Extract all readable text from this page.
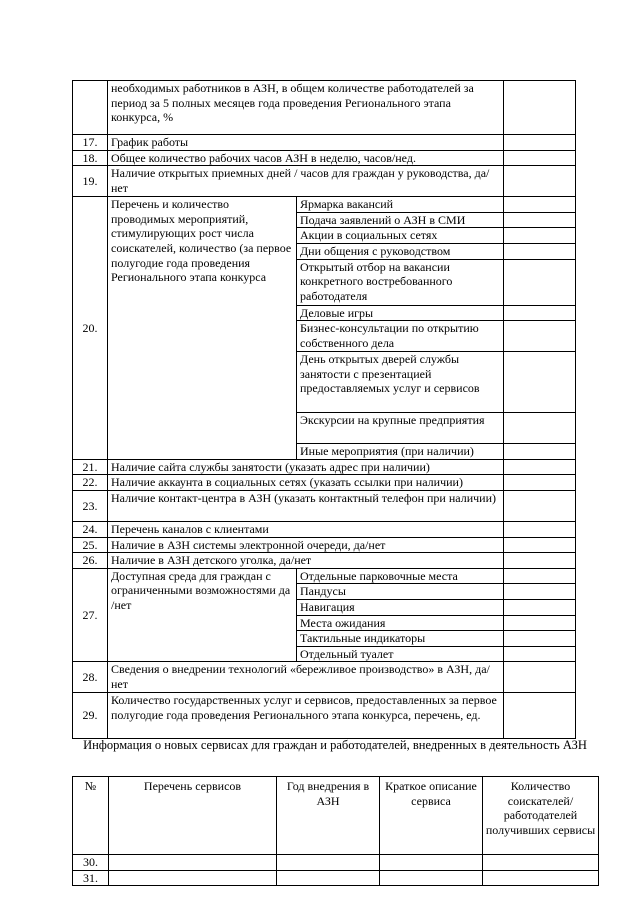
	необходимых работников в АЗН, в общем количестве работодателей за период за 5 полных месяцев года проведения Регионального этапа конкурса, %		
17.	График работы		
18.	Общее количество рабочих часов АЗН в неделю, часов/нед.		
19.	Наличие открытых приемных дней / часов для граждан у руководства, да/нет		
20.	Перечень и количество проводимых мероприятий, стимулирующих рост числа соискателей, количество (за первое полугодие года проведения Регионального этапа конкурса	Ярмарка вакансий	
		Подача заявлений о АЗН в СМИ	
		Акции в социальных сетях	
		Дни общения с руководством	
		Открытый отбор на вакансии конкретного востребованного работодателя	
		Деловые игры	
		Бизнес-консультации по открытию собственного дела	
		День открытых дверей службы занятости с презентацией предоставляемых услуг и сервисов	
		Экскурсии на крупные предприятия	
		Иные мероприятия (при наличии)	
21.	Наличие сайта службы занятости (указать адрес при наличии)		
22.	Наличие аккаунта в социальных сетях (указать ссылки при наличии)		
23.	Наличие контакт-центра в АЗН (указать контактный телефон при наличии)		
24.	Перечень каналов с клиентами		
25.	Наличие в АЗН системы электронной очереди, да/нет		
26.	Наличие в АЗН детского уголка, да/нет		
27.	Доступная среда для граждан с ограниченными возможностями да /нет	Отдельные парковочные места	
		Пандусы	
		Навигация	
		Места ожидания	
		Тактильные индикаторы	
		Отдельный туалет	
28.	Сведения о внедрении технологий «бережливое производство» в АЗН, да/нет		
29.	Количество государственных услуг и сервисов, предоставленных за первое полугодие года проведения Регионального этапа конкурса, перечень, ед.		
Информация о новых сервисах для граждан и работодателей, внедренных в деятельность АЗН
№	Перечень сервисов	Год внедрения в АЗН	Краткое описание сервиса	Количество соискателей/ работодателей получивших сервисы
30.				
31.				
